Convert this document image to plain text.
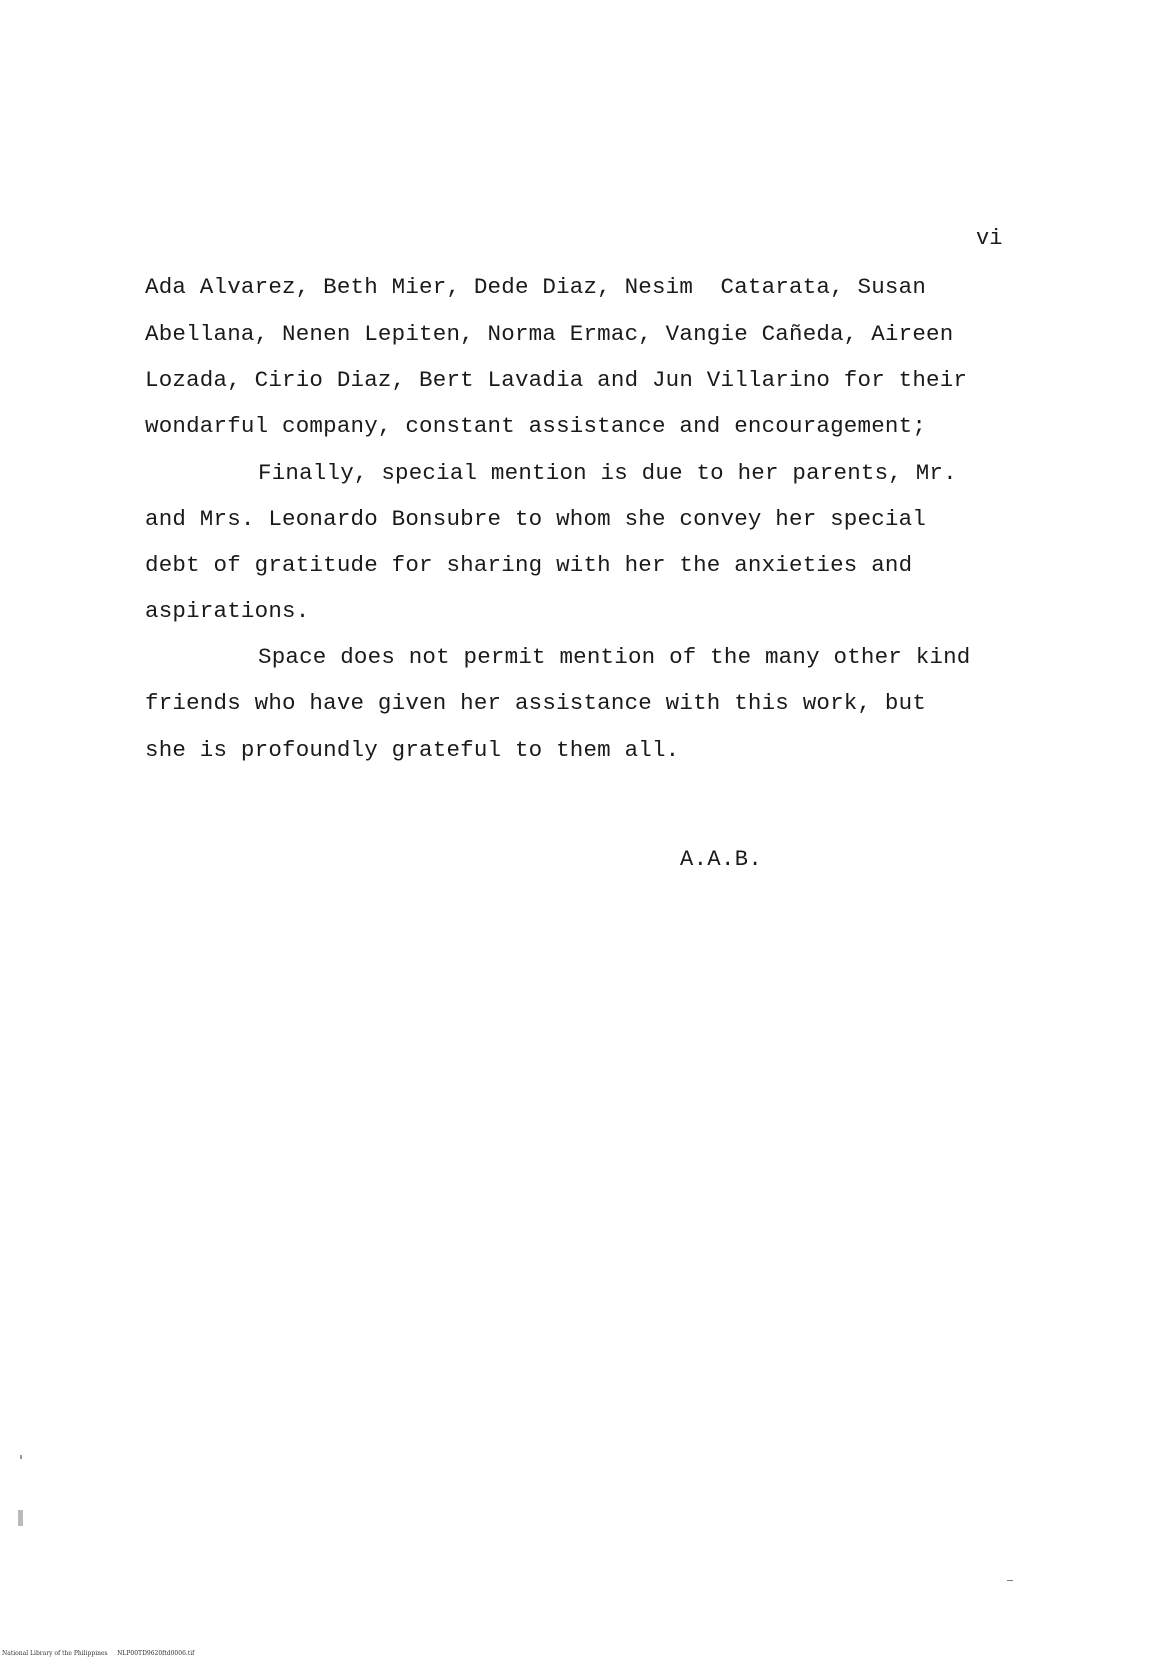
vi
Ada Alvarez, Beth Mier, Dede Diaz, Nesim  Catarata, Susan
Abellana, Nenen Lepiten, Norma Ermac, Vangie Cañeda, Aireen
Lozada, Cirio Diaz, Bert Lavadia and Jun Villarino for their
wondarful company, constant assistance and encouragement;
Finally, special mention is due to her parents, Mr.
and Mrs. Leonardo Bonsubre to whom she convey her special
debt of gratitude for sharing with her the anxieties and
aspirations.
Space does not permit mention of the many other kind
friends who have given her assistance with this work, but
she is profoundly grateful to them all.
A.A.B.
National Library of the Philippines     NLP00TD9620ftd0006.tif
